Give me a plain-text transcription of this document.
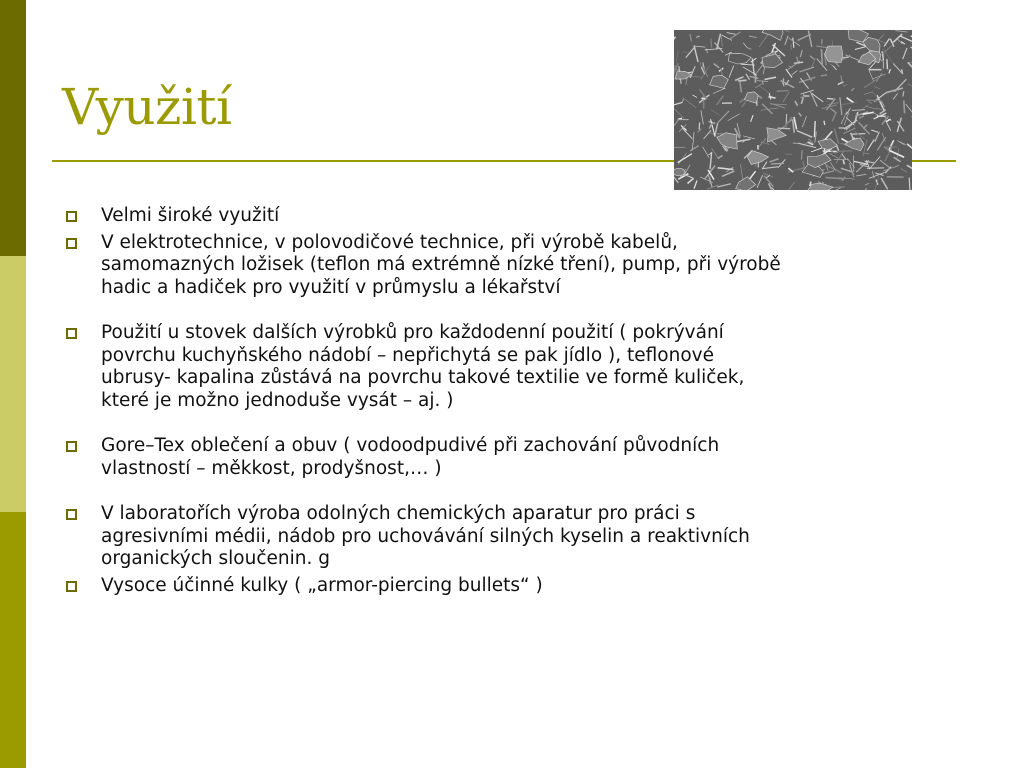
Využití
Velmi široké využití
V elektrotechnice, v polovodičové technice, při výrobě kabelů,
samomazných ložisek (teflon má extrémně nízké tření), pump, při výrobě
hadic a hadiček pro využití v průmyslu a lékařství
Použití u stovek dalších výrobků pro každodenní použití ( pokrývání
povrchu kuchyňského nádobí – nepřichytá se pak jídlo ), teflonové
ubrusy- kapalina zůstává na povrchu takové textilie ve formě kuliček,
které je možno jednoduše vysát – aj. )
Gore–Tex oblečení a obuv ( vodoodpudivé při zachování původních
vlastností – měkkost, prodyšnost,… )
V laboratořích výroba odolných chemických aparatur pro práci s
agresivními médii, nádob pro uchovávání silných kyselin a reaktivních
organických sloučenin. g
Vysoce účinné kulky ( „armor-piercing bullets“ )
